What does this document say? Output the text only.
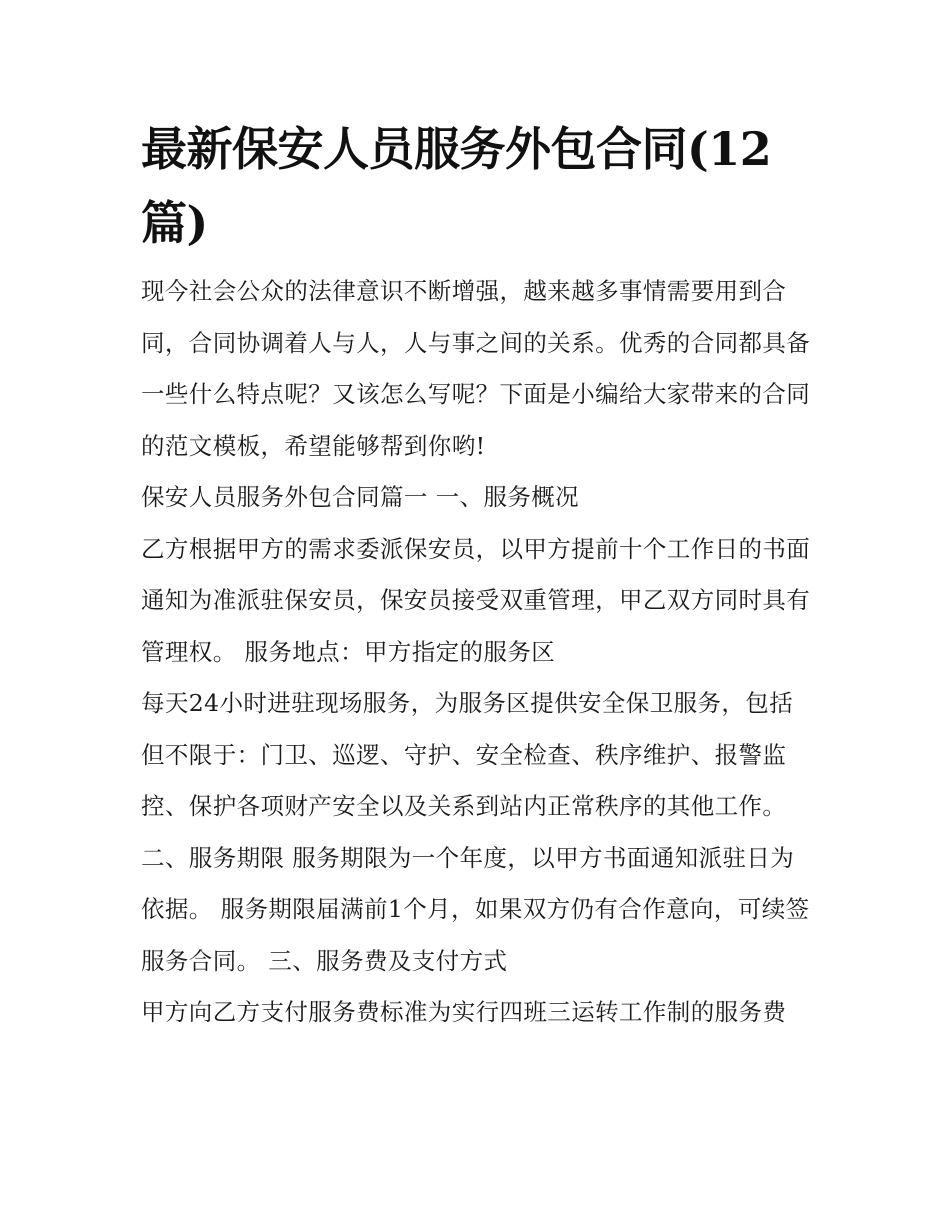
最新保安人员服务外包合同(12篇)

现今社会公众的法律意识不断增强，越来越多事情需要用到合同，合同协调着人与人，人与事之间的关系。优秀的合同都具备一些什么特点呢？又该怎么写呢？下面是小编给大家带来的合同的范文模板，希望能够帮到你哟!

保安人员服务外包合同篇一 一、服务概况

乙方根据甲方的需求委派保安员，以甲方提前十个工作日的书面通知为准派驻保安员，保安员接受双重管理，甲乙双方同时具有管理权。 服务地点：甲方指定的服务区

每天24小时进驻现场服务，为服务区提供安全保卫服务，包括但不限于：门卫、巡逻、守护、安全检查、秩序维护、报警监控、保护各项财产安全以及关系到站内正常秩序的其他工作。

二、服务期限 服务期限为一个年度，以甲方书面通知派驻日为依据。 服务期限届满前1个月，如果双方仍有合作意向，可续签服务合同。 三、服务费及支付方式

甲方向乙方支付服务费标准为实行四班三运转工作制的服务费
